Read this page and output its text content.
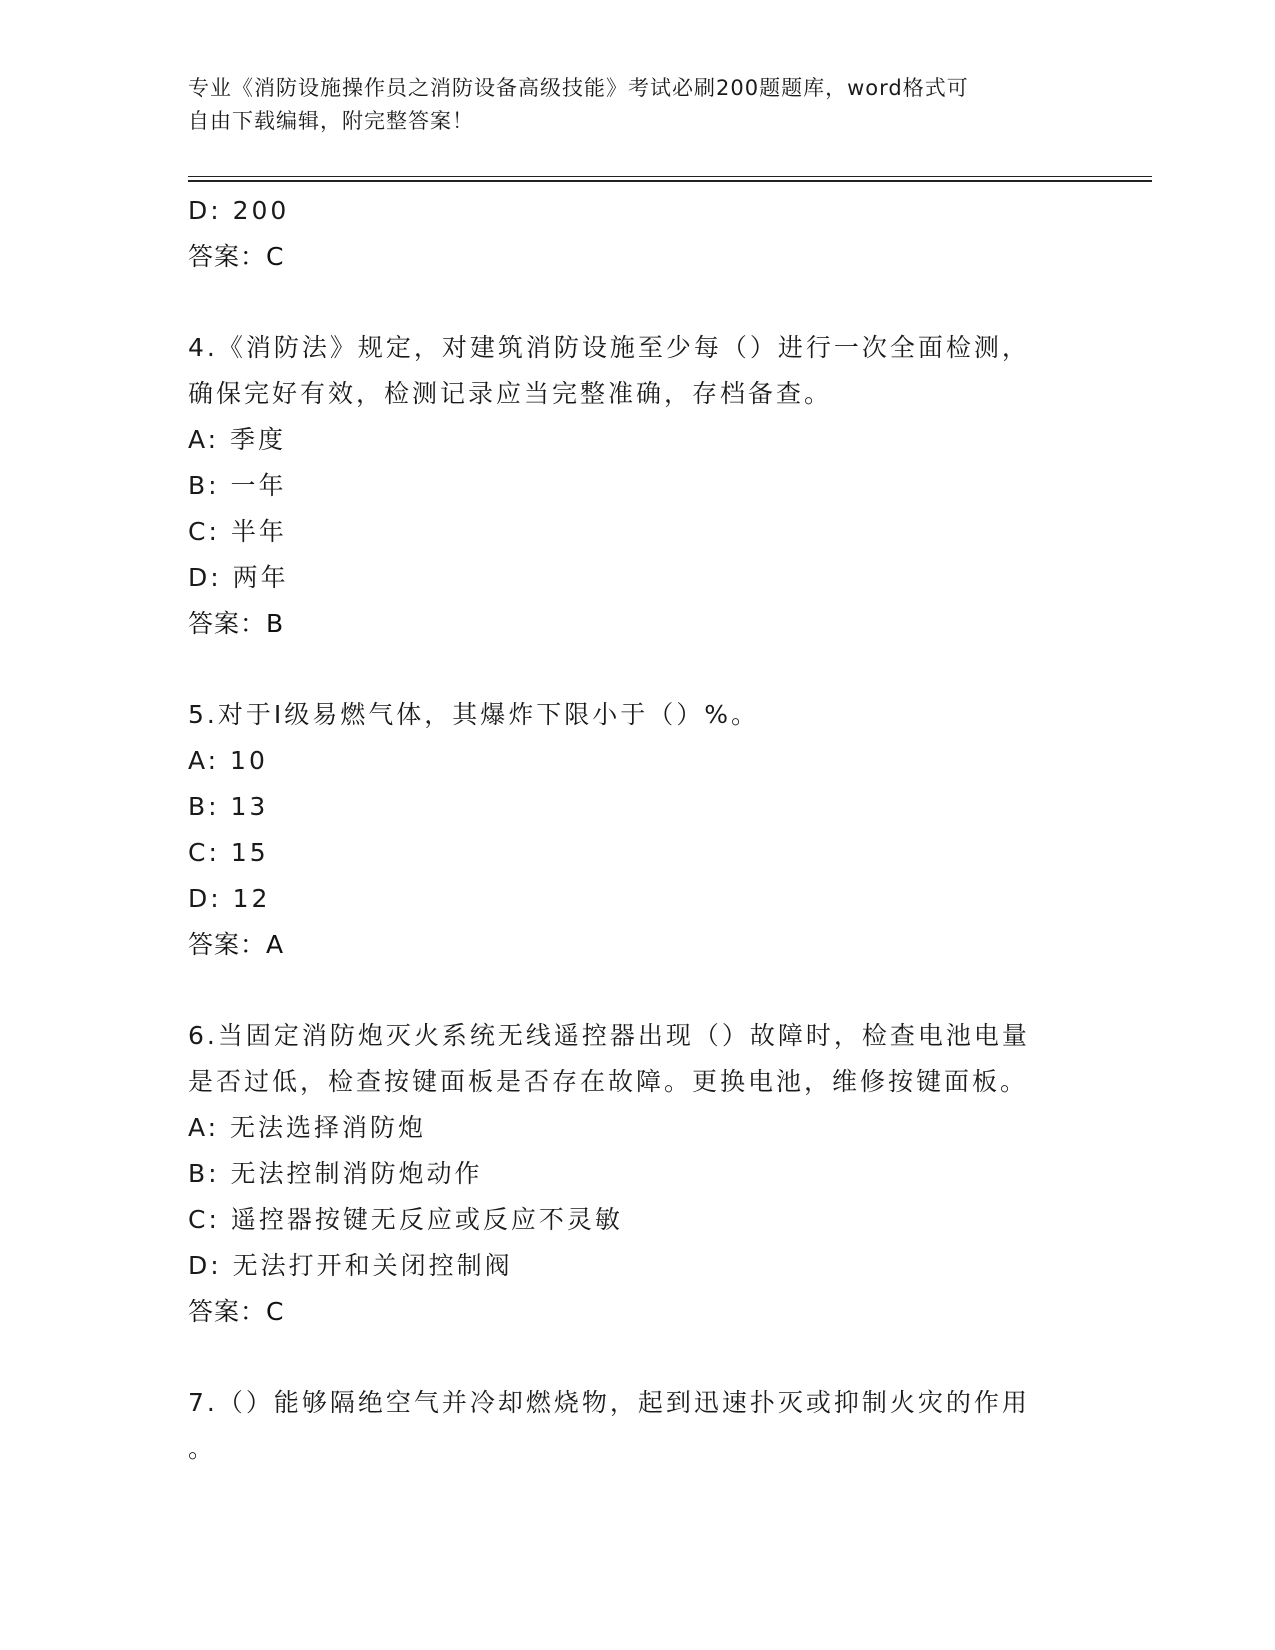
专业《消防设施操作员之消防设备高级技能》考试必刷200题题库，word格式可
自由下载编辑，附完整答案！
D: 200
答案：C
4.《消防法》规定，对建筑消防设施至少每（）进行一次全面检测，
确保完好有效，检测记录应当完整准确，存档备查。
A: 季度
B: 一年
C: 半年
D: 两年
答案：B
5.对于Ⅰ级易燃气体，其爆炸下限小于（）%。
A: 10
B: 13
C: 15
D: 12
答案：A
6.当固定消防炮灭火系统无线遥控器出现（）故障时，检查电池电量
是否过低，检查按键面板是否存在故障。更换电池，维修按键面板。
A: 无法选择消防炮
B: 无法控制消防炮动作
C: 遥控器按键无反应或反应不灵敏
D: 无法打开和关闭控制阀
答案：C
7.（）能够隔绝空气并冷却燃烧物，起到迅速扑灭或抑制火灾的作用
。
